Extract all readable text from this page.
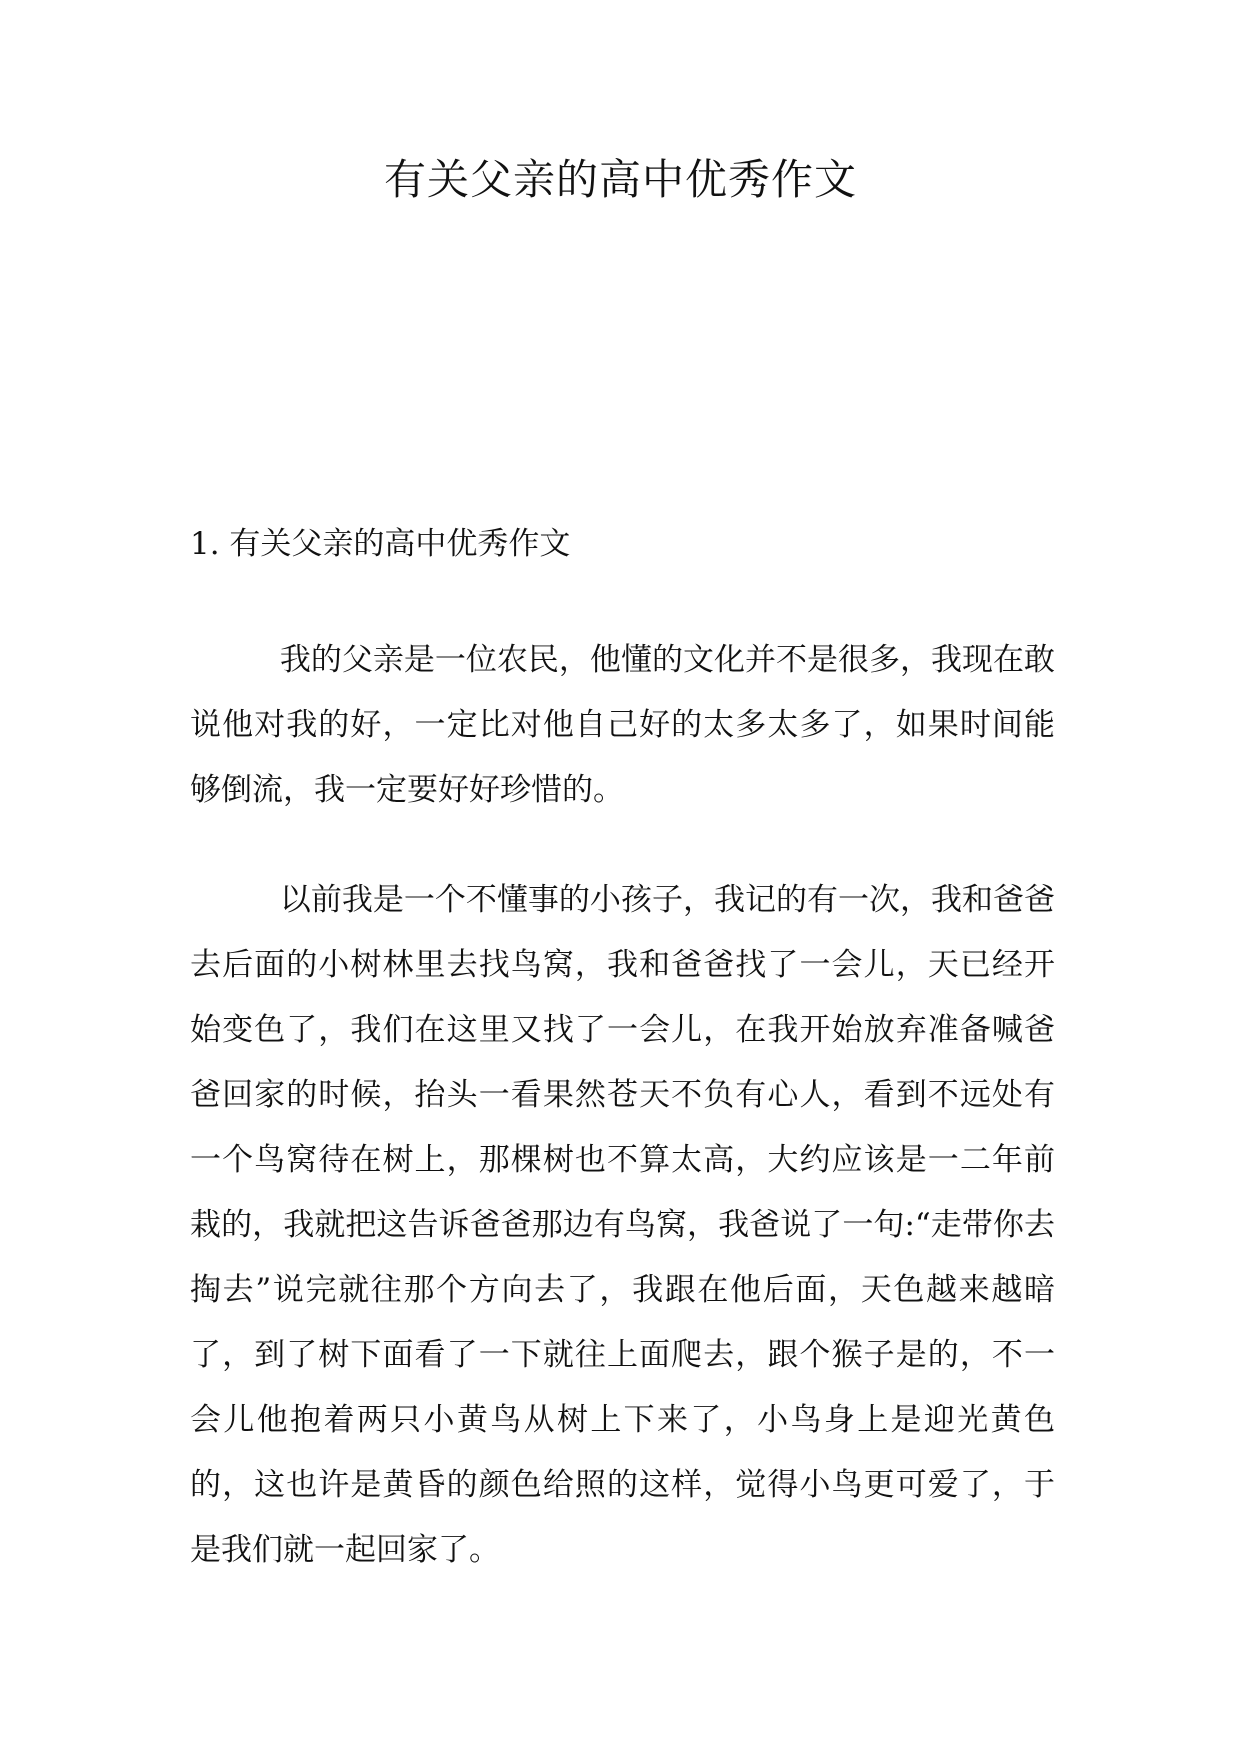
有关父亲的高中优秀作文
1. 有关父亲的高中优秀作文

我的父亲是一位农民，他懂的文化并不是很多，我现在敢说他对我的好，一定比对他自己好的太多太多了，如果时间能够倒流，我一定要好好珍惜的。

以前我是一个不懂事的小孩子，我记的有一次，我和爸爸去后面的小树林里去找鸟窝，我和爸爸找了一会儿，天已经开始变色了，我们在这里又找了一会儿，在我开始放弃准备喊爸爸回家的时候，抬头一看果然苍天不负有心人，看到不远处有一个鸟窝待在树上，那棵树也不算太高，大约应该是一二年前栽的，我就把这告诉爸爸那边有鸟窝，我爸说了一句:“走带你去掏去”说完就往那个方向去了，我跟在他后面，天色越来越暗了，到了树下面看了一下就往上面爬去，跟个猴子是的，不一会儿他抱着两只小黄鸟从树上下来了，小鸟身上是迎光黄色的，这也许是黄昏的颜色给照的这样，觉得小鸟更可爱了，于是我们就一起回家了。
